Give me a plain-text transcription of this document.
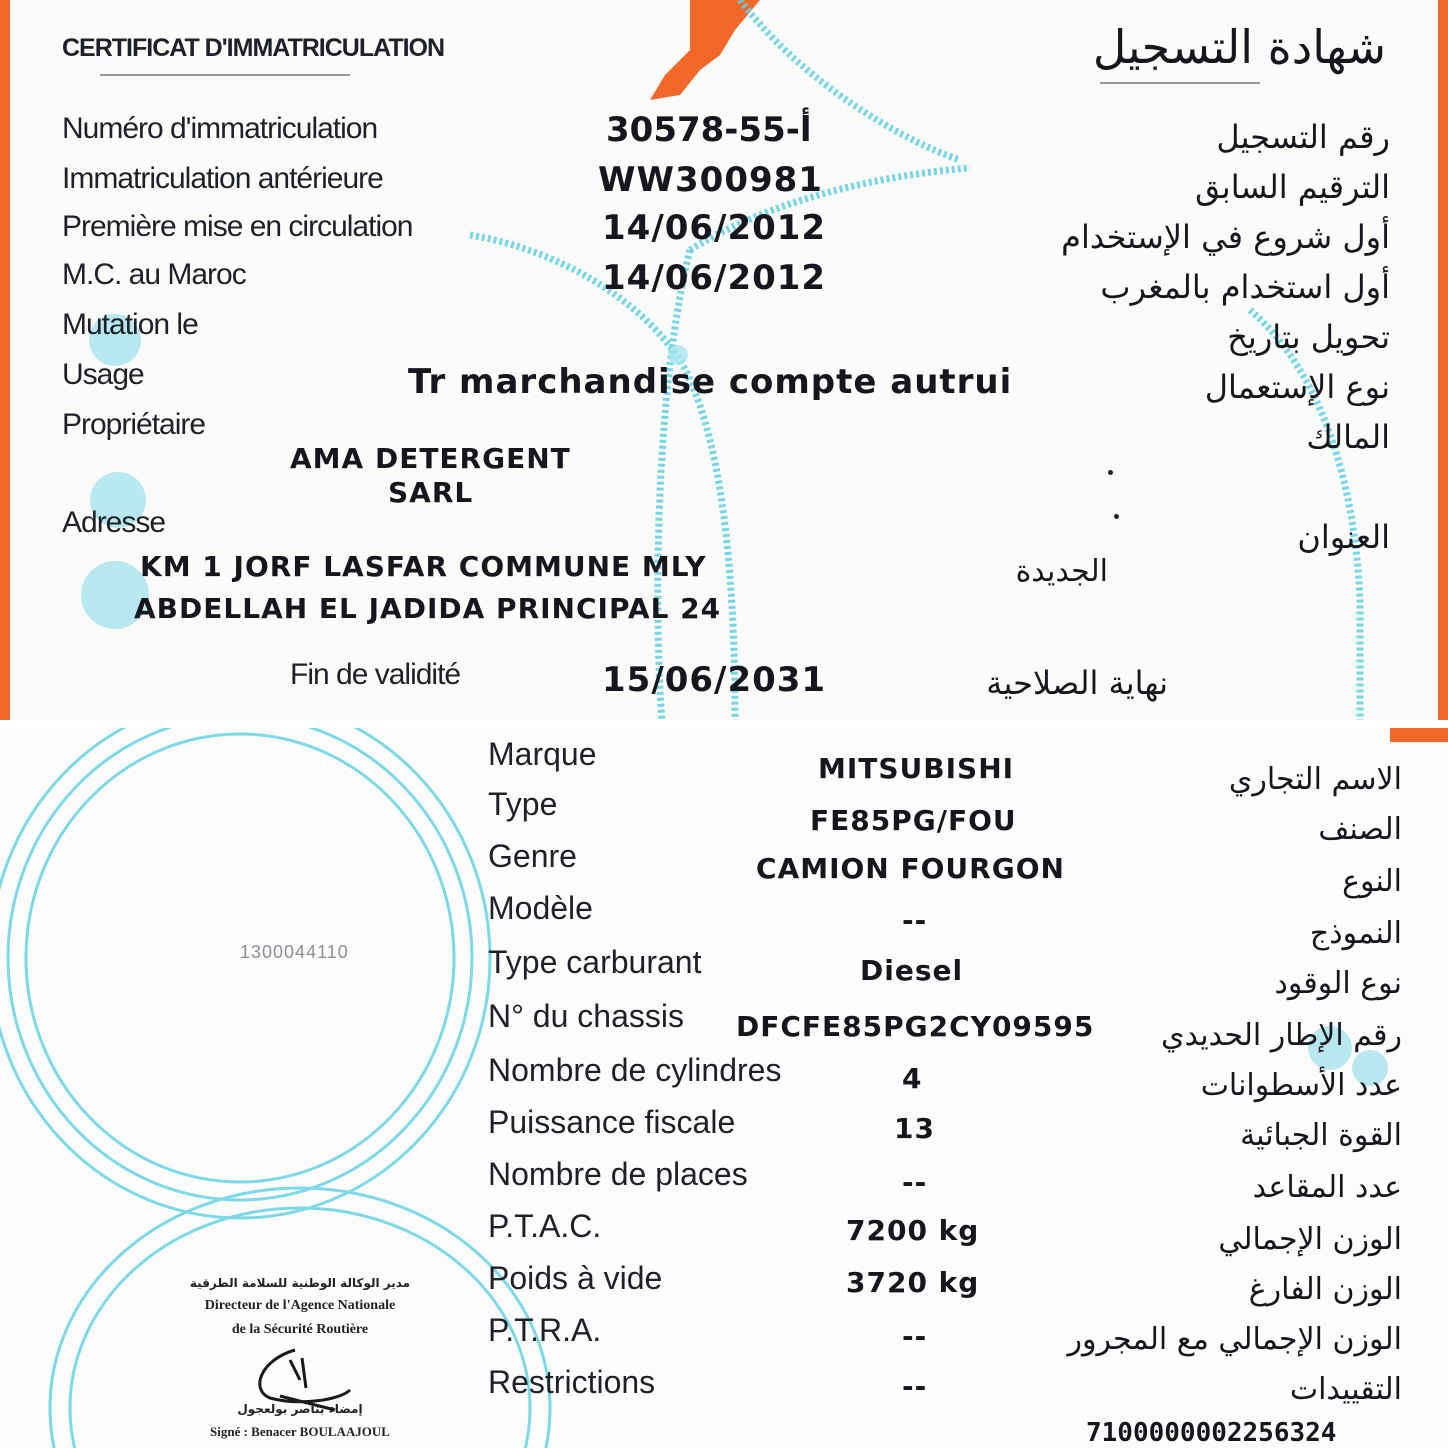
CERTIFICAT D'IMMATRICULATION	شهادة التسجيل
Numéro d'immatriculation	30578-أ-55	رقم التسجيل
Immatriculation antérieure	WW300981	الترقيم السابق
Première mise en circulation	14/06/2012	أول شروع في الإستخدام
M.C. au Maroc	14/06/2012	أول استخدام بالمغرب
Mutation le	تحويل بتاريخ
Usage	Tr marchandise compte autrui	نوع الإستعمال
Propriétaire	المالك
AMA DETERGENT
SARL
Adresse	العنوان
KM 1 JORF LASFAR COMMUNE MLY
ABDELLAH EL JADIDA PRINCIPAL 24
الجديدة
Fin de validité	15/06/2031	نهاية الصلاحية
1300044110
Marque	MITSUBISHI	الاسم التجاري
Type	FE85PG/FOU	الصنف
Genre	CAMION FOURGON	النوع
Modèle	--	النموذج
Type carburant	Diesel	نوع الوقود
N° du chassis DFCFE85PG2CY09595 رقم الإطار الحديدي
Nombre de cylindres	4	عدد الأسطوانات
Puissance fiscale	13	القوة الجبائية
Nombre de places	--	عدد المقاعد
P.T.A.C.	7200 kg	الوزن الإجمالي
Poids à vide	3720 kg	الوزن الفارغ
P.T.R.A.	--	الوزن الإجمالي مع المجرور
Restrictions	--	التقييدات
7100000002256324
مدير الوكالة الوطنية للسلامة الطرقية
Directeur de l'Agence Nationale
de la Sécurité Routière
إمضاء بناصر بولعجول
Signé : Benacer BOULAAJOUL
